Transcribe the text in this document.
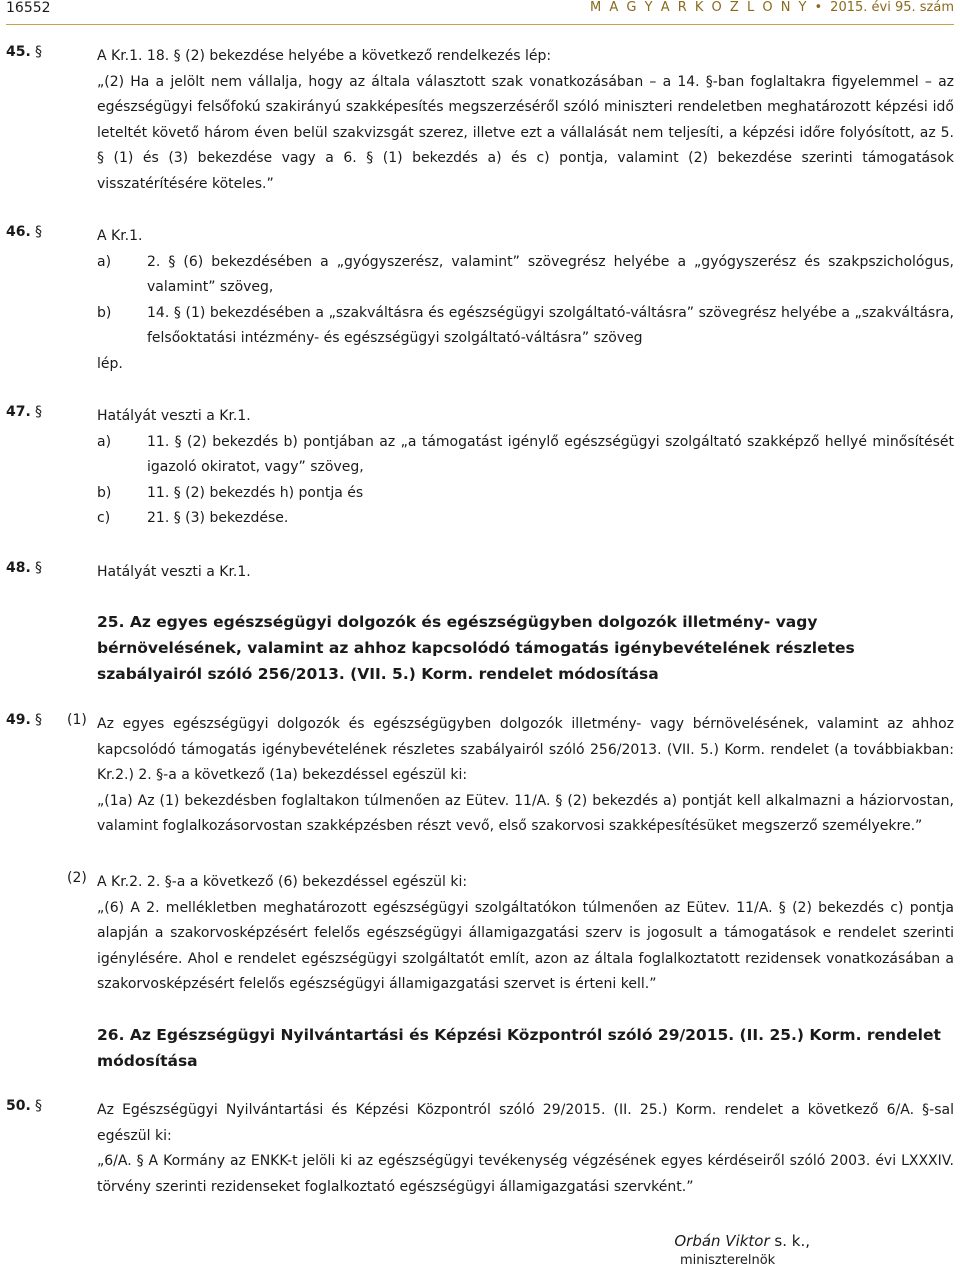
16552	M A G Y A R K Ö Z L Ö N Y • 2015. évi 95. szám
45. §	A Kr.1. 18. § (2) bekezdése helyébe a következő rendelkezés lép:
„(2) Ha a jelölt nem vállalja, hogy az általa választott szak vonatkozásában – a 14. §-ban foglaltakra figyelemmel – az egészségügyi felsőfokú szakirányú szakképesítés megszerzéséről szóló miniszteri rendeletben meghatározott képzési idő leteltét követő három éven belül szakvizsgát szerez, illetve ezt a vállalását nem teljesíti, a képzési időre folyósított, az 5. § (1) és (3) bekezdése vagy a 6. § (1) bekezdés a) és c) pontja, valamint (2) bekezdése szerinti támogatások visszatérítésére köteles.”
46. §	A Kr.1.
a)	2. § (6) bekezdésében a „gyógyszerész, valamint” szövegrész helyébe a „gyógyszerész és szakpszichológus, valamint” szöveg,
b)	14. § (1) bekezdésében a „szakváltásra és egészségügyi szolgáltató-váltásra” szövegrész helyébe a „szakváltásra, felsőoktatási intézmény- és egészségügyi szolgáltató-váltásra” szöveg
lép.
47. §	Hatályát veszti a Kr.1.
a)	11. § (2) bekezdés b) pontjában az „a támogatást igénylő egészségügyi szolgáltató szakképző hellyé minősítését igazoló okiratot, vagy” szöveg,
b)	11. § (2) bekezdés h) pontja és
c)	21. § (3) bekezdése.
48. §	Hatályát veszti a Kr.1.
25. Az egyes egészségügyi dolgozók és egészségügyben dolgozók illetmény- vagy bérnövelésének, valamint az ahhoz kapcsolódó támogatás igénybevételének részletes szabályairól szóló 256/2013. (VII. 5.) Korm. rendelet módosítása
49. § (1) Az egyes egészségügyi dolgozók és egészségügyben dolgozók illetmény- vagy bérnövelésének, valamint az ahhoz kapcsolódó támogatás igénybevételének részletes szabályairól szóló 256/2013. (VII. 5.) Korm. rendelet (a továbbiakban: Kr.2.) 2. §-a a következő (1a) bekezdéssel egészül ki:
„(1a) Az (1) bekezdésben foglaltakon túlmenően az Eütev. 11/A. § (2) bekezdés a) pontját kell alkalmazni a háziorvostan, valamint foglalkozásorvostan szakképzésben részt vevő, első szakorvosi szakképesítésüket megszerző személyekre.”
(2) A Kr.2. 2. §-a a következő (6) bekezdéssel egészül ki:
„(6) A 2. mellékletben meghatározott egészségügyi szolgáltatókon túlmenően az Eütev. 11/A. § (2) bekezdés c) pontja alapján a szakorvosképzésért felelős egészségügyi államigazgatási szerv is jogosult a támogatások e rendelet szerinti igénylésére. Ahol e rendelet egészségügyi szolgáltatót említ, azon az általa foglalkoztatott rezidensek vonatkozásában a szakorvosképzésért felelős egészségügyi államigazgatási szervet is érteni kell.”
26. Az Egészségügyi Nyilvántartási és Képzési Központról szóló 29/2015. (II. 25.) Korm. rendelet módosítása
50. §	Az Egészségügyi Nyilvántartási és Képzési Központról szóló 29/2015. (II. 25.) Korm. rendelet a következő 6/A. §-sal egészül ki:
„6/A. § A Kormány az ENKK-t jelöli ki az egészségügyi tevékenység végzésének egyes kérdéseiről szóló 2003. évi LXXXIV. törvény szerinti rezidenseket foglalkoztató egészségügyi államigazgatási szervként.”
Orbán Viktor s. k.,
miniszterelnök
